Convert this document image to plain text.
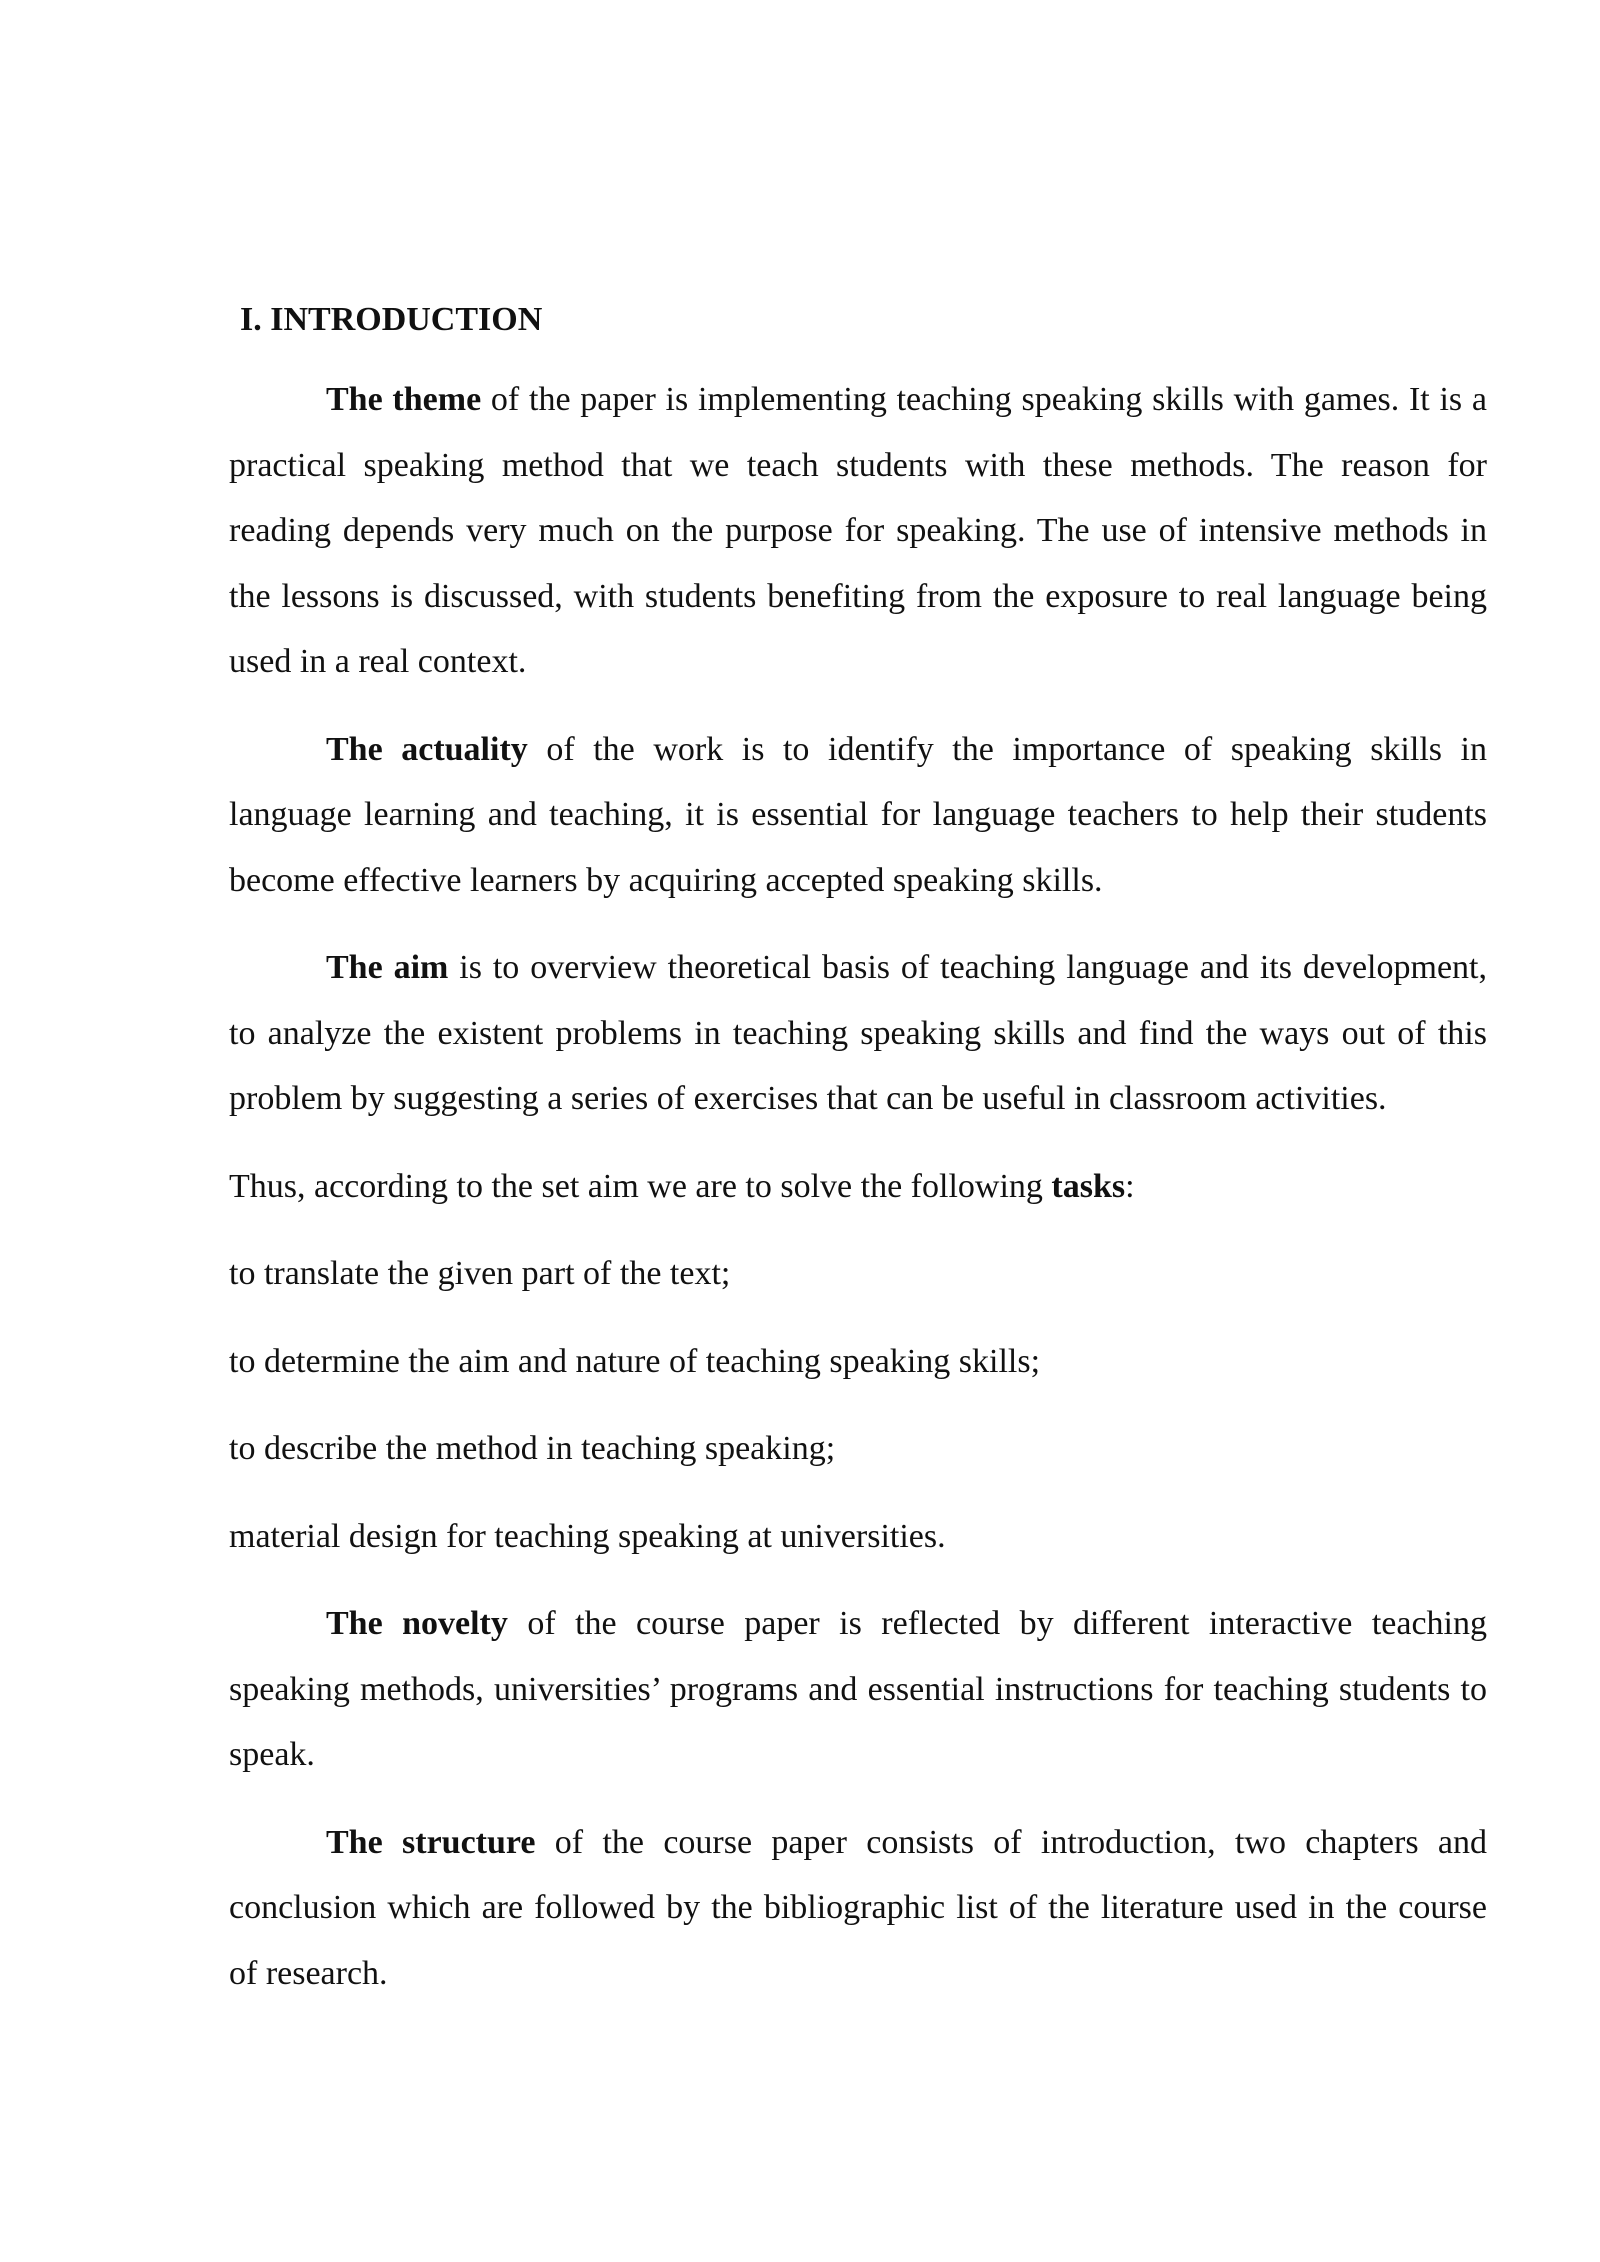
I. INTRODUCTION

The theme of the paper is implementing teaching speaking skills with games. It is a practical speaking method that we teach students with these methods. The reason for reading depends very much on the purpose for speaking. The use of intensive methods in the lessons is discussed, with students benefiting from the exposure to real language being used in a real context.

The actuality of the work is to identify the importance of speaking skills in language learning and teaching, it is essential for language teachers to help their students become effective learners by acquiring accepted speaking skills.

The aim is to overview theoretical basis of teaching language and its development, to analyze the existent problems in teaching speaking skills and find the ways out of this problem by suggesting a series of exercises that can be useful in classroom activities.

Thus, according to the set aim we are to solve the following tasks:

to translate the given part of the text;

to determine the aim and nature of teaching speaking skills;

to describe the method in teaching speaking;

material design for teaching speaking at universities.

The novelty of the course paper is reflected by different interactive teaching speaking methods, universities’ programs and essential instructions for teaching students to speak.

The structure of the course paper consists of introduction, two chapters and conclusion which are followed by the bibliographic list of the literature used in the course of research.
